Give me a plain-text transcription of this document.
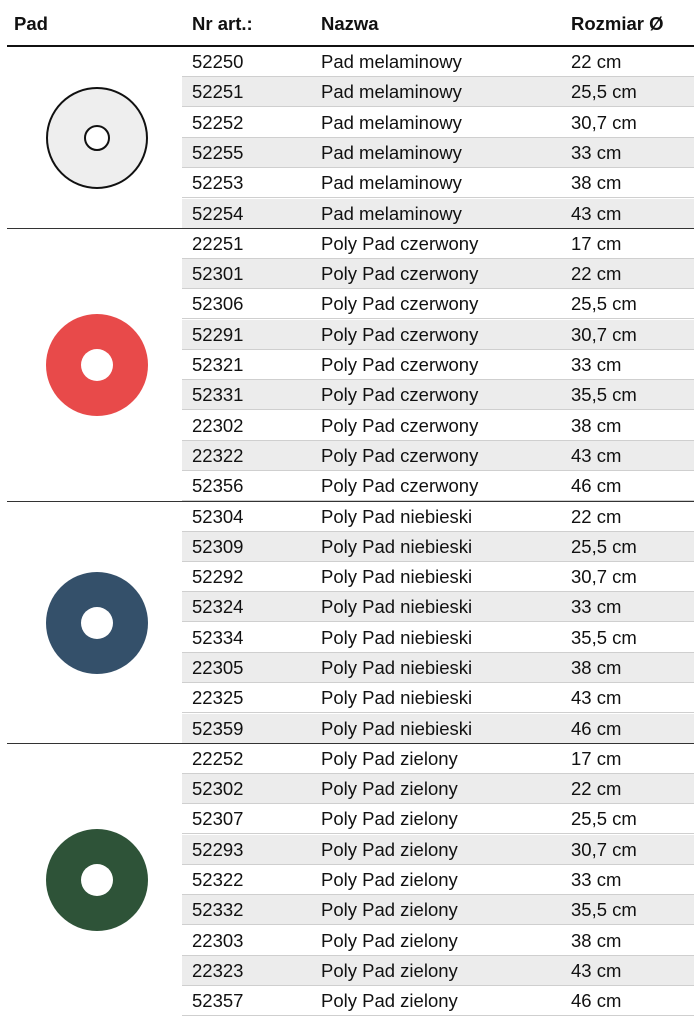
Pad	Nr art.:	Nazwa	Rozmiar Ø
52250	Pad melaminowy	22 cm
52251	Pad melaminowy	25,5 cm
52252	Pad melaminowy	30,7 cm
52255	Pad melaminowy	33 cm
52253	Pad melaminowy	38 cm
52254	Pad melaminowy	43 cm
22251	Poly Pad czerwony	17 cm
52301	Poly Pad czerwony	22 cm
52306	Poly Pad czerwony	25,5 cm
52291	Poly Pad czerwony	30,7 cm
52321	Poly Pad czerwony	33 cm
52331	Poly Pad czerwony	35,5 cm
22302	Poly Pad czerwony	38 cm
22322	Poly Pad czerwony	43 cm
52356	Poly Pad czerwony	46 cm
52304	Poly Pad niebieski	22 cm
52309	Poly Pad niebieski	25,5 cm
52292	Poly Pad niebieski	30,7 cm
52324	Poly Pad niebieski	33 cm
52334	Poly Pad niebieski	35,5 cm
22305	Poly Pad niebieski	38 cm
22325	Poly Pad niebieski	43 cm
52359	Poly Pad niebieski	46 cm
22252	Poly Pad zielony	17 cm
52302	Poly Pad zielony	22 cm
52307	Poly Pad zielony	25,5 cm
52293	Poly Pad zielony	30,7 cm
52322	Poly Pad zielony	33 cm
52332	Poly Pad zielony	35,5 cm
22303	Poly Pad zielony	38 cm
22323	Poly Pad zielony	43 cm
52357	Poly Pad zielony	46 cm
